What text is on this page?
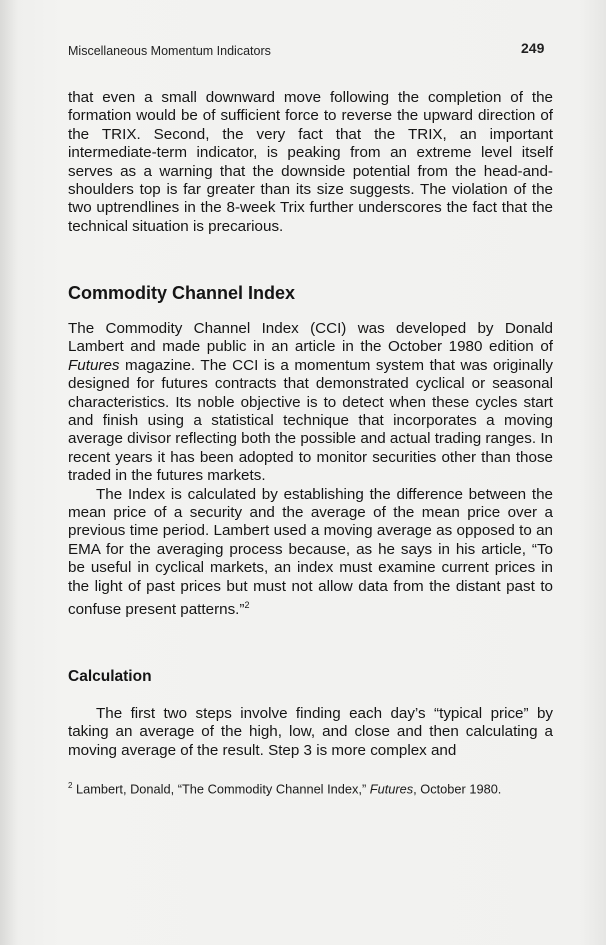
Miscellaneous Momentum Indicators	249

that even a small downward move following the completion of the formation would be of sufficient force to reverse the upward direction of the TRIX. Second, the very fact that the TRIX, an important intermediate-term indicator, is peaking from an extreme level itself serves as a warning that the downside potential from the head-and-shoulders top is far greater than its size suggests. The violation of the two uptrendlines in the 8-week Trix further underscores the fact that the technical situation is precarious.

Commodity Channel Index

The Commodity Channel Index (CCI) was developed by Donald Lambert and made public in an article in the October 1980 edition of Futures magazine. The CCI is a momentum system that was originally designed for futures contracts that demonstrated cyclical or seasonal characteristics. Its noble objective is to detect when these cycles start and finish using a statistical technique that incorporates a moving average divisor reflecting both the possible and actual trading ranges. In recent years it has been adopted to monitor securities other than those traded in the futures markets.

The Index is calculated by establishing the difference between the mean price of a security and the average of the mean price over a previous time period. Lambert used a moving average as opposed to an EMA for the averaging process because, as he says in his article, “To be useful in cyclical markets, an index must examine current prices in the light of past prices but must not allow data from the distant past to confuse present patterns.”$^2$

Calculation

The first two steps involve finding each day’s “typical price” by taking an average of the high, low, and close and then calculating a moving average of the result. Step 3 is more complex and

$^2$ Lambert, Donald, “The Commodity Channel Index,” Futures, October 1980.
